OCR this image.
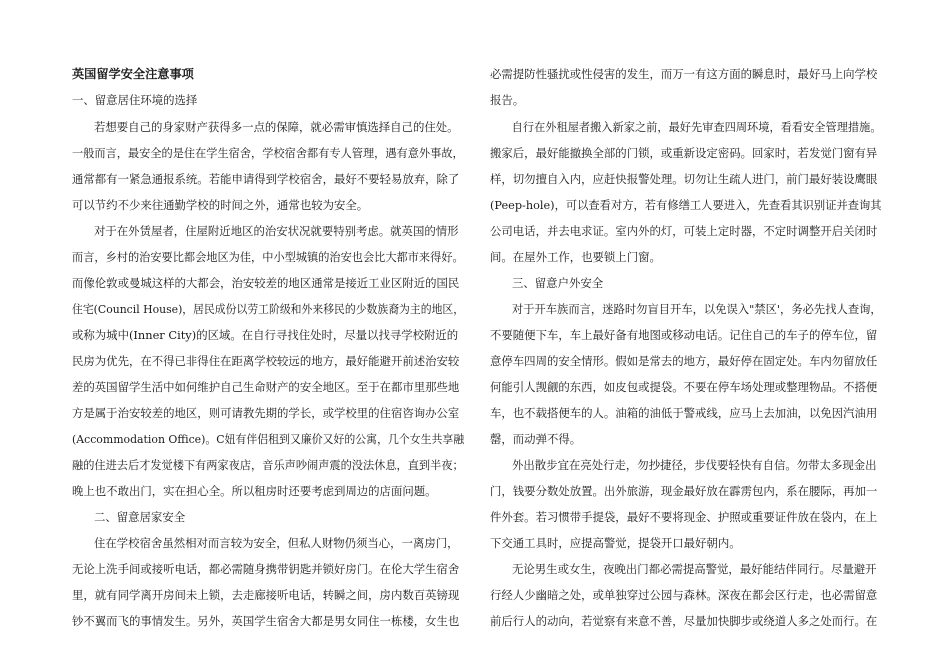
英国留学安全注意事项
一、留意居住环境的选择
若想要自己的身家财产获得多一点的保障，就必需审慎选择自己的住处。
一般而言，最安全的是住在学生宿舍，学校宿舍都有专人管理，遇有意外事故，
通常都有一紧急通报系统。若能申请得到学校宿舍，最好不要轻易放弃，除了
可以节约不少来往通勤学校的时间之外，通常也较为安全。
对于在外赁屋者，住屋附近地区的治安状况就要特别考虑。就英国的情形
而言，乡村的治安要比都会地区为佳，中小型城镇的治安也会比大都市来得好。
而像伦敦或曼城这样的大都会，治安较差的地区通常是接近工业区附近的国民
住宅(Council House)，居民成份以劳工阶级和外来移民的少数族裔为主的地区，
或称为城中(Inner City)的区域。在自行寻找住处时，尽量以找寻学校附近的
民房为优先，在不得已非得住在距离学校较远的地方，最好能避开前述治安较
差的英国留学生活中如何维护自己生命财产的安全地区。至于在都市里那些地
方是属于治安较差的地区，则可请教先期的学长，或学校里的住宿咨询办公室
(Accommodation Office)。C妞有伴侣租到又廉价又好的公寓，几个女生共享融
融的住进去后才发觉楼下有两家夜店，音乐声吵闹声震的没法休息，直到半夜；
晚上也不敢出门，实在担心全。所以租房时还要考虑到周边的店面问题。
二、留意居家安全
住在学校宿舍虽然相对而言较为安全，但私人财物仍须当心，一离房门，
无论上洗手间或接听电话，都必需随身携带钥匙并锁好房门。在伦大学生宿舍
里，就有同学离开房间未上锁，去走廊接听电话，转瞬之间，房内数百英镑现
钞不翼而飞的事情发生。另外，英国学生宿舍大都是男女同住一栋楼，女生也
必需提防性骚扰或性侵害的发生，而万一有这方面的瞬息时，最好马上向学校
报告。
自行在外租屋者搬入新家之前，最好先审查四周环境，看看安全管理措施。
搬家后，最好能撤换全部的门锁，或重新设定密码。回家时，若发觉门窗有异
样，切勿擅自入内，应赶快报警处理。切勿让生疏人进门，前门最好装设鹰眼
(Peep-hole)，可以查看对方，若有修缮工人要进入，先查看其识别证并查询其
公司电话，并去电求证。室内外的灯，可装上定时器，不定时调整开启关闭时
间。在屋外工作，也要锁上门窗。
三、留意户外安全
对于开车族而言，迷路时勿盲目开车，以免误入"禁区'，务必先找人查询，
不要随便下车，车上最好备有地图或移动电话。记住自己的车子的停车位，留
意停车四周的安全情形。假如是常去的地方，最好停在固定处。车内勿留放任
何能引人觊觎的东西，如皮包或提袋。不要在停车场处理或整理物品。不搭便
车，也不载搭便车的人。油箱的油低于警戒线，应马上去加油，以免因汽油用
罄，而动弹不得。
外出散步宜在亮处行走，勿抄捷径，步伐要轻快有自信。勿带太多现金出
门，钱要分数处放置。出外旅游，现金最好放在霹雳包内，系在腰际，再加一
件外套。若习惯带手提袋，最好不要将现金、护照或重要证件放在袋内，在上
下交通工具时，应提高警觉，提袋开口最好朝内。
无论男生或女生，夜晚出门都必需提高警觉，最好能结伴同行。尽量避开
行经人少幽暗之处，或单独穿过公园与森林。深夜在都会区行走，也必需留意
前后行人的动向，若觉察有来意不善，尽量加快脚步或绕道人多之处而行。在
